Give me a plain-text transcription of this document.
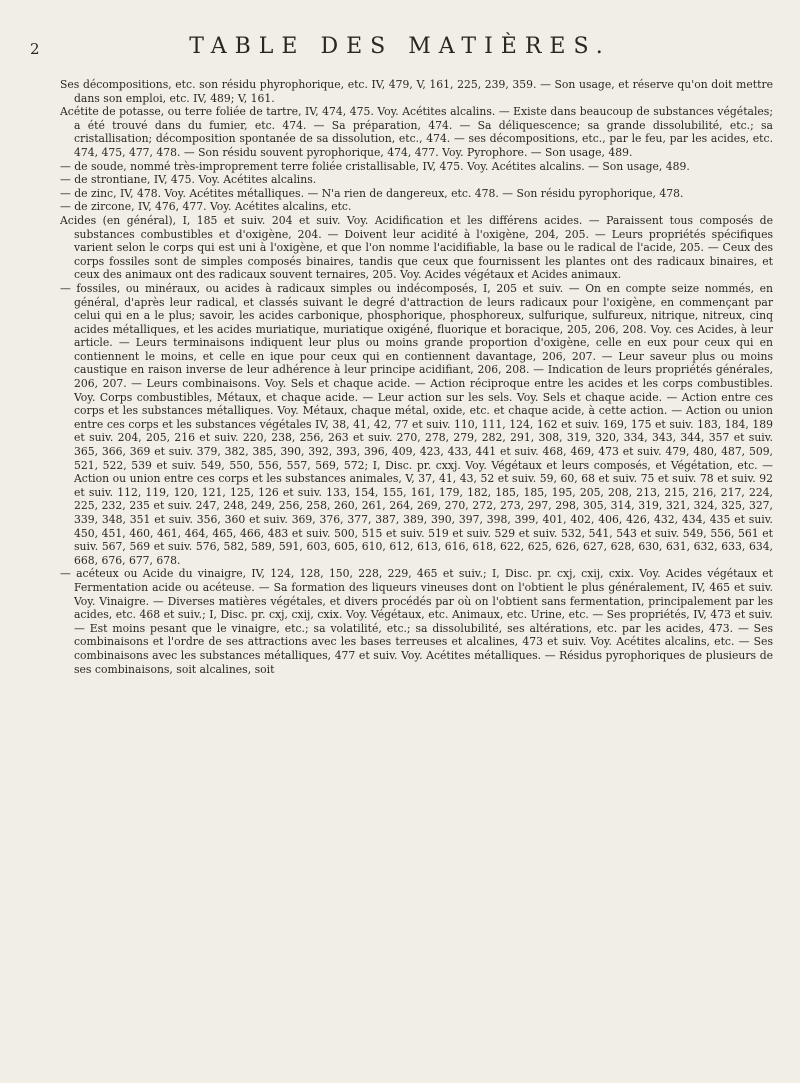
2	TABLE DES MATIÈRES.

Ses décompositions, etc. son résidu phyrophorique, etc. IV, 479, V, 161, 225, 239, 359. — Son usage, et réserve qu'on doit mettre dans son emploi, etc. IV, 489; V, 161.

Acétite de potasse, ou terre foliée de tartre, IV, 474, 475. Voy. Acétites alcalins. — Existe dans beaucoup de substances végétales; a été trouvé dans du fumier, etc. 474. — Sa préparation, 474. — Sa déliquescence; sa grande dissolubilité, etc.; sa cristallisation; décomposition spontanée de sa dissolution, etc., 474. — ses décompositions, etc., par le feu, par les acides, etc. 474, 475, 477, 478. — Son résidu souvent pyrophorique, 474, 477. Voy. Pyrophore. — Son usage, 489.

— de soude, nommé très-improprement terre foliée cristallisable, IV, 475. Voy. Acétites alcalins. — Son usage, 489.

— de strontiane, IV, 475. Voy. Acétites alcalins.

— de zinc, IV, 478. Voy. Acétites métalliques. — N'a rien de dangereux, etc. 478. — Son résidu pyrophorique, 478.

— de zircone, IV, 476, 477. Voy. Acétites alcalins, etc.

Acides (en général), I, 185 et suiv. 204 et suiv. Voy. Acidification et les différens acides. — Paraissent tous composés de substances combustibles et d'oxigène, 204. — Doivent leur acidité à l'oxigène, 204, 205. — Leurs propriétés spécifiques varient selon le corps qui est uni à l'oxigène, et que l'on nomme l'acidifiable, la base ou le radical de l'acide, 205. — Ceux des corps fossiles sont de simples composés binaires, tandis que ceux que fournissent les plantes ont des radicaux binaires, et ceux des animaux ont des radicaux souvent ternaires, 205. Voy. Acides végétaux et Acides animaux.

— fossiles, ou minéraux, ou acides à radicaux simples ou indécomposés, I, 205 et suiv. — On en compte seize nommés, en général, d'après leur radical, et classés suivant le degré d'attraction de leurs radicaux pour l'oxigène, en commençant par celui qui en a le plus; savoir, les acides carbonique, phosphorique, phosphoreux, sulfurique, sulfureux, nitrique, nitreux, cinq acides métalliques, et les acides muriatique, muriatique oxigéné, fluorique et boracique, 205, 206, 208. Voy. ces Acides, à leur article. — Leurs terminaisons indiquent leur plus ou moins grande proportion d'oxigène, celle en eux pour ceux qui en contiennent le moins, et celle en ique pour ceux qui en contiennent davantage, 206, 207. — Leur saveur plus ou moins caustique en raison inverse de leur adhérence à leur principe acidifiant, 206, 208. — Indication de leurs propriétés générales, 206, 207. — Leurs combinaisons. Voy. Sels et chaque acide. — Action réciproque entre les acides et les corps combustibles. Voy. Corps combustibles, Métaux, et chaque acide. — Leur action sur les sels. Voy. Sels et chaque acide. — Action entre ces corps et les substances métalliques. Voy. Métaux, chaque métal, oxide, etc. et chaque acide, à cette action. — Action ou union entre ces corps et les substances végétales IV, 38, 41, 42, 77 et suiv. 110, 111, 124, 162 et suiv. 169, 175 et suiv. 183, 184, 189 et suiv. 204, 205, 216 et suiv. 220, 238, 256, 263 et suiv. 270, 278, 279, 282, 291, 308, 319, 320, 334, 343, 344, 357 et suiv. 365, 366, 369 et suiv. 379, 382, 385, 390, 392, 393, 396, 409, 423, 433, 441 et suiv. 468, 469, 473 et suiv. 479, 480, 487, 509, 521, 522, 539 et suiv. 549, 550, 556, 557, 569, 572; I, Disc. pr. cxxj. Voy. Végétaux et leurs composés, et Végétation, etc. — Action ou union entre ces corps et les substances animales, V, 37, 41, 43, 52 et suiv. 59, 60, 68 et suiv. 75 et suiv. 78 et suiv. 92 et suiv. 112, 119, 120, 121, 125, 126 et suiv. 133, 154, 155, 161, 179, 182, 185, 185, 195, 205, 208, 213, 215, 216, 217, 224, 225, 232, 235 et suiv. 247, 248, 249, 256, 258, 260, 261, 264, 269, 270, 272, 273, 297, 298, 305, 314, 319, 321, 324, 325, 327, 339, 348, 351 et suiv. 356, 360 et suiv. 369, 376, 377, 387, 389, 390, 397, 398, 399, 401, 402, 406, 426, 432, 434, 435 et suiv. 450, 451, 460, 461, 464, 465, 466, 483 et suiv. 500, 515 et suiv. 519 et suiv. 529 et suiv. 532, 541, 543 et suiv. 549, 556, 561 et suiv. 567, 569 et suiv. 576, 582, 589, 591, 603, 605, 610, 612, 613, 616, 618, 622, 625, 626, 627, 628, 630, 631, 632, 633, 634, 668, 676, 677, 678.

— acéteux ou Acide du vinaigre, IV, 124, 128, 150, 228, 229, 465 et suiv.; I, Disc. pr. cxj, cxij, cxix. Voy. Acides végétaux et Fermentation acide ou acéteuse. — Sa formation des liqueurs vineuses dont on l'obtient le plus généralement, IV, 465 et suiv. Voy. Vinaigre. — Diverses matières végétales, et divers procédés par où on l'obtient sans fermentation, principalement par les acides, etc. 468 et suiv.; I, Disc. pr. cxj, cxij, cxix. Voy. Végétaux, etc. Animaux, etc. Urine, etc. — Ses propriétés, IV, 473 et suiv. — Est moins pesant que le vinaigre, etc.; sa volatilité, etc.; sa dissolubilité, ses altérations, etc. par les acides, 473. — Ses combinaisons et l'ordre de ses attractions avec les bases terreuses et alcalines, 473 et suiv. Voy. Acétites alcalins, etc. — Ses combinaisons avec les substances métalliques, 477 et suiv. Voy. Acétites métalliques. — Résidus pyrophoriques de plusieurs de ses combinaisons, soit alcalines, soit
